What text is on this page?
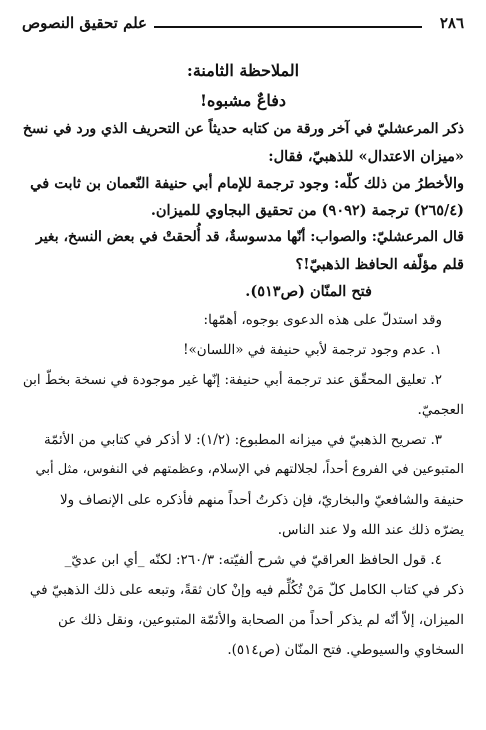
٢٨٦
علم تحقيق النصوص

الملاحظة الثامنة:

دفاعٌ مشبوه!

ذكر المرعشليّ في آخر ورقة من كتابه حديثاً عن التحريف الذي ورد في نسخ

«ميزان الاعتدال» للذهبيّ، فقال:

والأخطرُ من ذلك كلّه: وجود ترجمة للإمام أبي حنيفة النّعمان بن ثابت في

(٢٦٥/٤) ترجمة (٩٠٩٢) من تحقيق البجاوي للميزان.

قال المرعشليّ: والصواب: أنّها مدسوسةٌ، قد أُلحقتْ في بعض النسخ، بغير

قلم مؤلّفه الحافظ الذهبيّ!؟

فتح المنّان (ص٥١٣).

وقد استدلّ على هذه الدعوى بوجوه، أهمّها:

١. عدم وجود ترجمة لأبي حنيفة في «اللسان»!

٢. تعليق المحقّق عند ترجمة أبي حنيفة: إنّها غير موجودة في نسخة بخطّ ابن

العجميّ.

٣. تصريح الذهبيّ في ميزانه المطبوع: (١/٢): لا أذكر في كتابي من الأئمّة

المتبوعين في الفروع أحداً، لجلالتهم في الإسلام، وعظمتهم في النفوس، مثل أبي

حنيفة والشافعيّ والبخاريّ، فإن ذكرتُ أحداً منهم فأذكره على الإنصاف ولا

يضرّه ذلك عند الله ولا عند الناس.

٤. قول الحافظ العراقيّ في شرح ألفيّته: ٢٦٠/٣: لكنّه _أي ابن عديّ_

ذكر في كتاب الكامل كلّ مَنْ تُكُلِّم فيه وإنْ كان ثقةً، وتبعه على ذلك الذهبيّ في

الميزان، إلاّ أنّه لم يذكر أحداً من الصحابة والأئمّة المتبوعين، ونقل ذلك عن

السخاوي والسيوطي. فتح المنّان (ص٥١٤).
